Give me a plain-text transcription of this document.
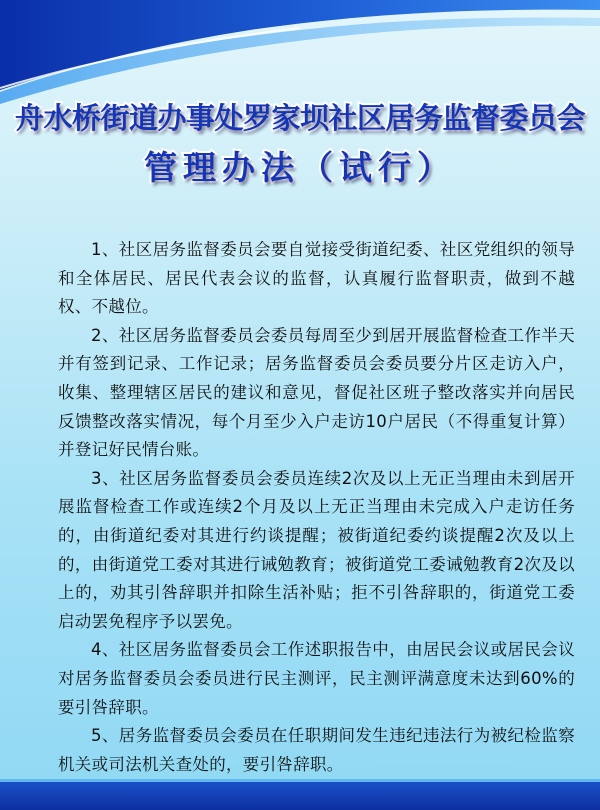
舟水桥街道办事处罗家坝社区居务监督委员会
管理办法（试行）

1、社区居务监督委员会要自觉接受街道纪委、社区党组织的领导和全体居民、居民代表会议的监督，认真履行监督职责，做到不越权、不越位。

2、社区居务监督委员会委员每周至少到居开展监督检查工作半天并有签到记录、工作记录；居务监督委员会委员要分片区走访入户，收集、整理辖区居民的建议和意见，督促社区班子整改落实并向居民反馈整改落实情况，每个月至少入户走访10户居民（不得重复计算）并登记好民情台账。

3、社区居务监督委员会委员连续2次及以上无正当理由未到居开展监督检查工作或连续2个月及以上无正当理由未完成入户走访任务的，由街道纪委对其进行约谈提醒；被街道纪委约谈提醒2次及以上的，由街道党工委对其进行诫勉教育；被街道党工委诫勉教育2次及以上的，劝其引咎辞职并扣除生活补贴；拒不引咎辞职的，街道党工委启动罢免程序予以罢免。

4、社区居务监督委员会工作述职报告中，由居民会议或居民会议对居务监督委员会委员进行民主测评，民主测评满意度未达到60%的要引咎辞职。

5、居务监督委员会委员在任职期间发生违纪违法行为被纪检监察机关或司法机关查处的，要引咎辞职。
